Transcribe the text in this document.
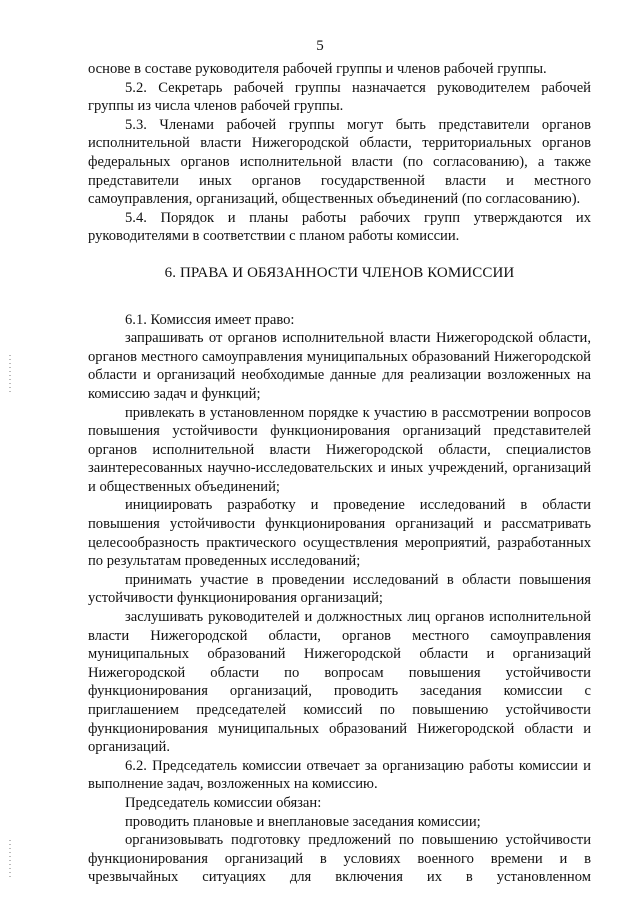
5

основе в составе руководителя рабочей группы и членов рабочей группы.

5.2. Секретарь рабочей группы назначается руководителем рабочей группы из числа членов рабочей группы.

5.3. Членами рабочей группы могут быть представители органов исполнительной власти Нижегородской области, территориальных органов федеральных органов исполнительной власти (по согласованию), а также представители иных органов государственной власти и местного самоуправления, организаций, общественных объединений (по согласованию).

5.4. Порядок и планы работы рабочих групп утверждаются их руководителями в соответствии с планом работы комиссии.

6. ПРАВА И ОБЯЗАННОСТИ ЧЛЕНОВ КОМИССИИ

6.1. Комиссия имеет право:

запрашивать от органов исполнительной власти Нижегородской области, органов местного самоуправления муниципальных образований Нижегородской области и организаций необходимые данные для реализации возложенных на комиссию задач и функций;

привлекать в установленном порядке к участию в рассмотрении вопросов повышения устойчивости функционирования организаций представителей органов исполнительной власти Нижегородской области, специалистов заинтересованных научно-исследовательских и иных учреждений, организаций и общественных объединений;

инициировать разработку и проведение исследований в области повышения устойчивости функционирования организаций и рассматривать целесообразность практического осуществления мероприятий, разработанных по результатам проведенных исследований;

принимать участие в проведении исследований в области повышения устойчивости функционирования организаций;

заслушивать руководителей и должностных лиц органов исполнительной власти Нижегородской области, органов местного самоуправления муниципальных образований Нижегородской области и организаций Нижегородской области по вопросам повышения устойчивости функционирования организаций, проводить заседания комиссии с приглашением председателей комиссий по повышению устойчивости функционирования муниципальных образований Нижегородской области и организаций.

6.2. Председатель комиссии отвечает за организацию работы комиссии и выполнение задач, возложенных на комиссию.

Председатель комиссии обязан:

проводить плановые и внеплановые заседания комиссии;

организовывать подготовку предложений по повышению устойчивости функционирования организаций в условиях военного времени и в чрезвычайных ситуациях для включения их в установленном
